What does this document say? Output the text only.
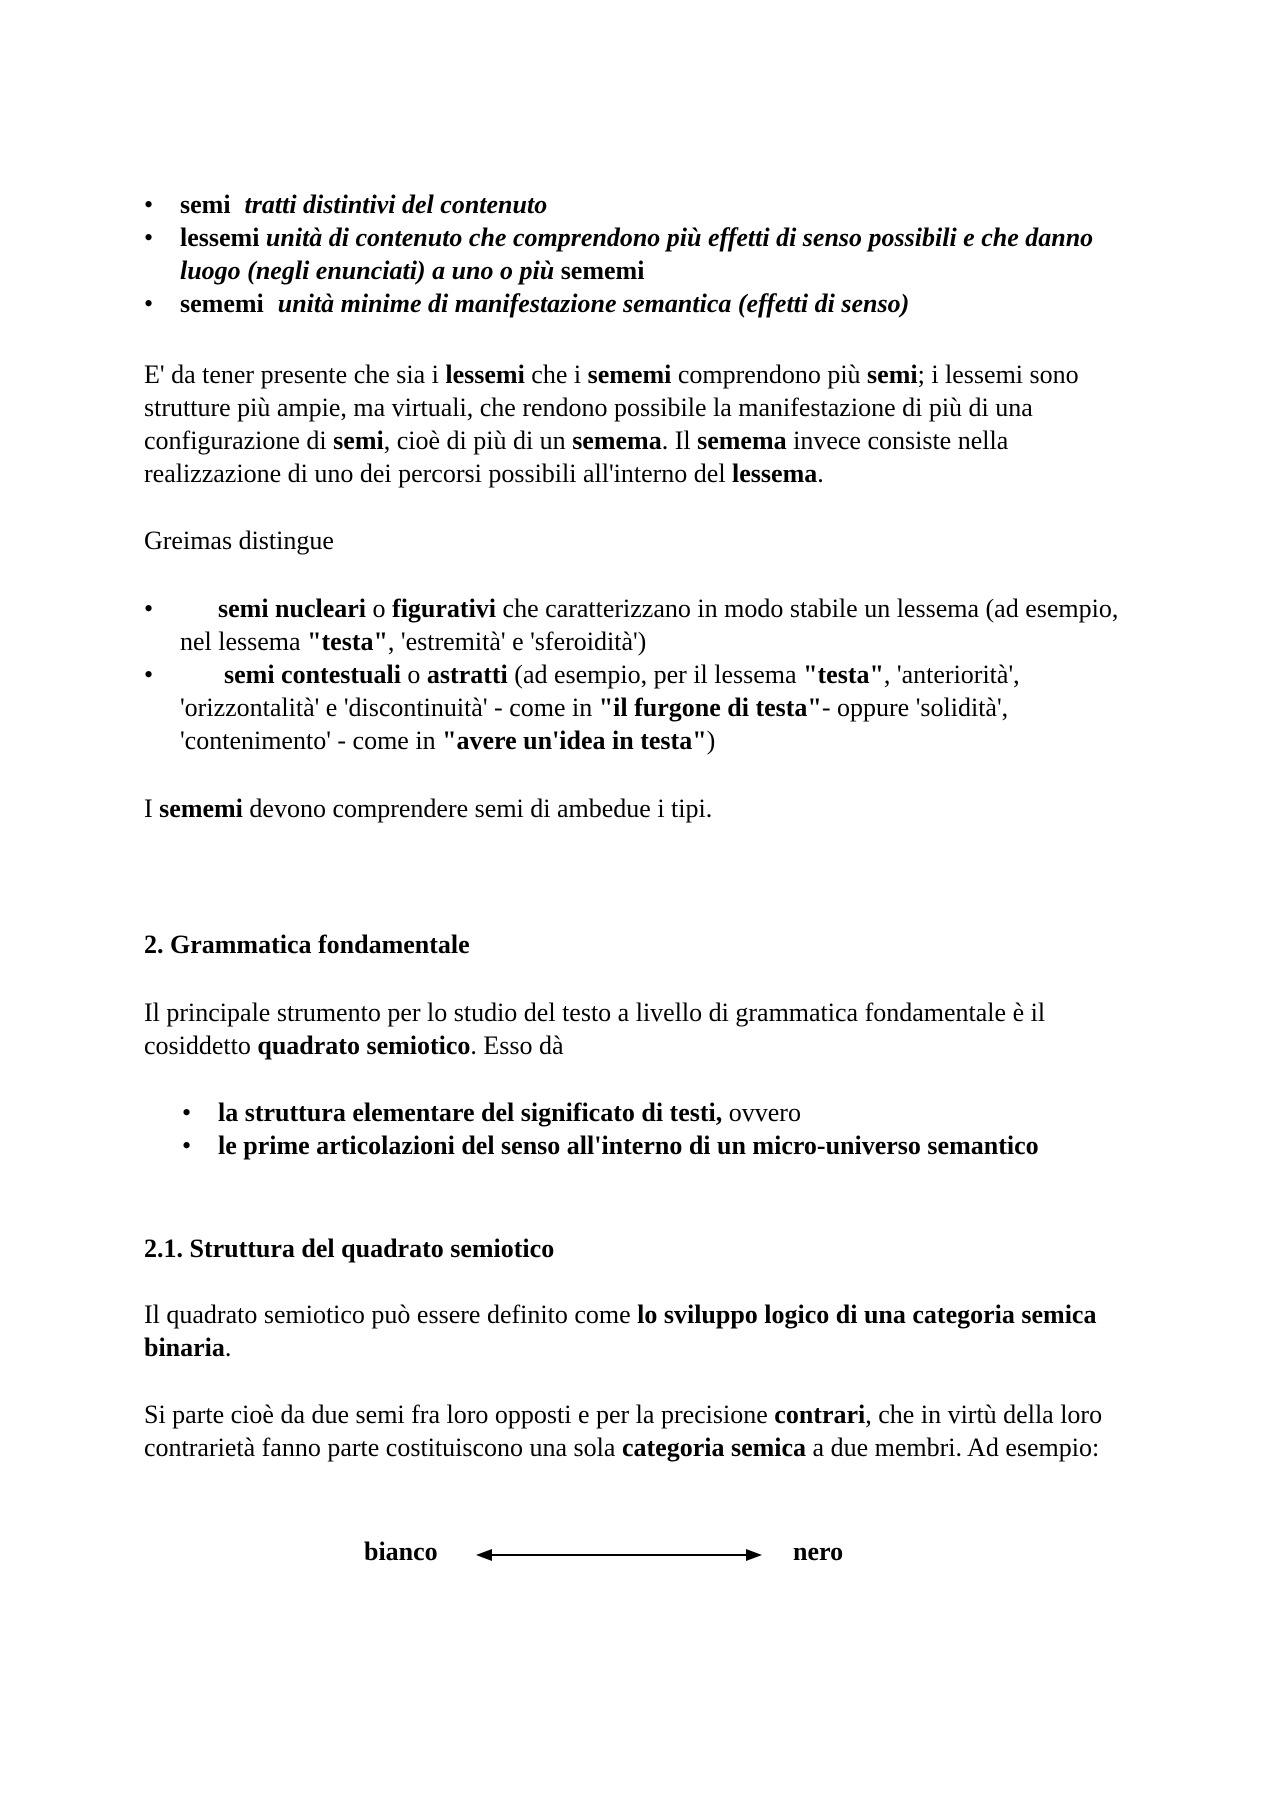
• semi tratti distintivi del contenuto
• lessemi unità di contenuto che comprendono più effetti di senso possibili e che danno luogo (negli enunciati) a uno o più sememi
• sememi unità minime di manifestazione semantica (effetti di senso)

E' da tener presente che sia i lessemi che i sememi comprendono più semi; i lessemi sono strutture più ampie, ma virtuali, che rendono possibile la manifestazione di più di una configurazione di semi, cioè di più di un semema. Il semema invece consiste nella realizzazione di uno dei percorsi possibili all'interno del lessema.

Greimas distingue

• semi nucleari o figurativi che caratterizzano in modo stabile un lessema (ad esempio, nel lessema "testa", 'estremità' e 'sferoidità')
• semi contestuali o astratti (ad esempio, per il lessema "testa", 'anteriorità', 'orizzontalità' e 'discontinuità' - come in "il furgone di testa"- oppure 'solidità', 'contenimento' - come in "avere un'idea in testa")

I sememi devono comprendere semi di ambedue i tipi.

2. Grammatica fondamentale

Il principale strumento per lo studio del testo a livello di grammatica fondamentale è il cosiddetto quadrato semiotico. Esso dà

• la struttura elementare del significato di testi, ovvero
• le prime articolazioni del senso all'interno di un micro-universo semantico
2.1. Struttura del quadrato semiotico

Il quadrato semiotico può essere definito come lo sviluppo logico di una categoria semica binaria.

Si parte cioè da due semi fra loro opposti e per la precisione contrari, che in virtù della loro contrarietà fanno parte costituiscono una sola categoria semica a due membri. Ad esempio:

bianco	nero
